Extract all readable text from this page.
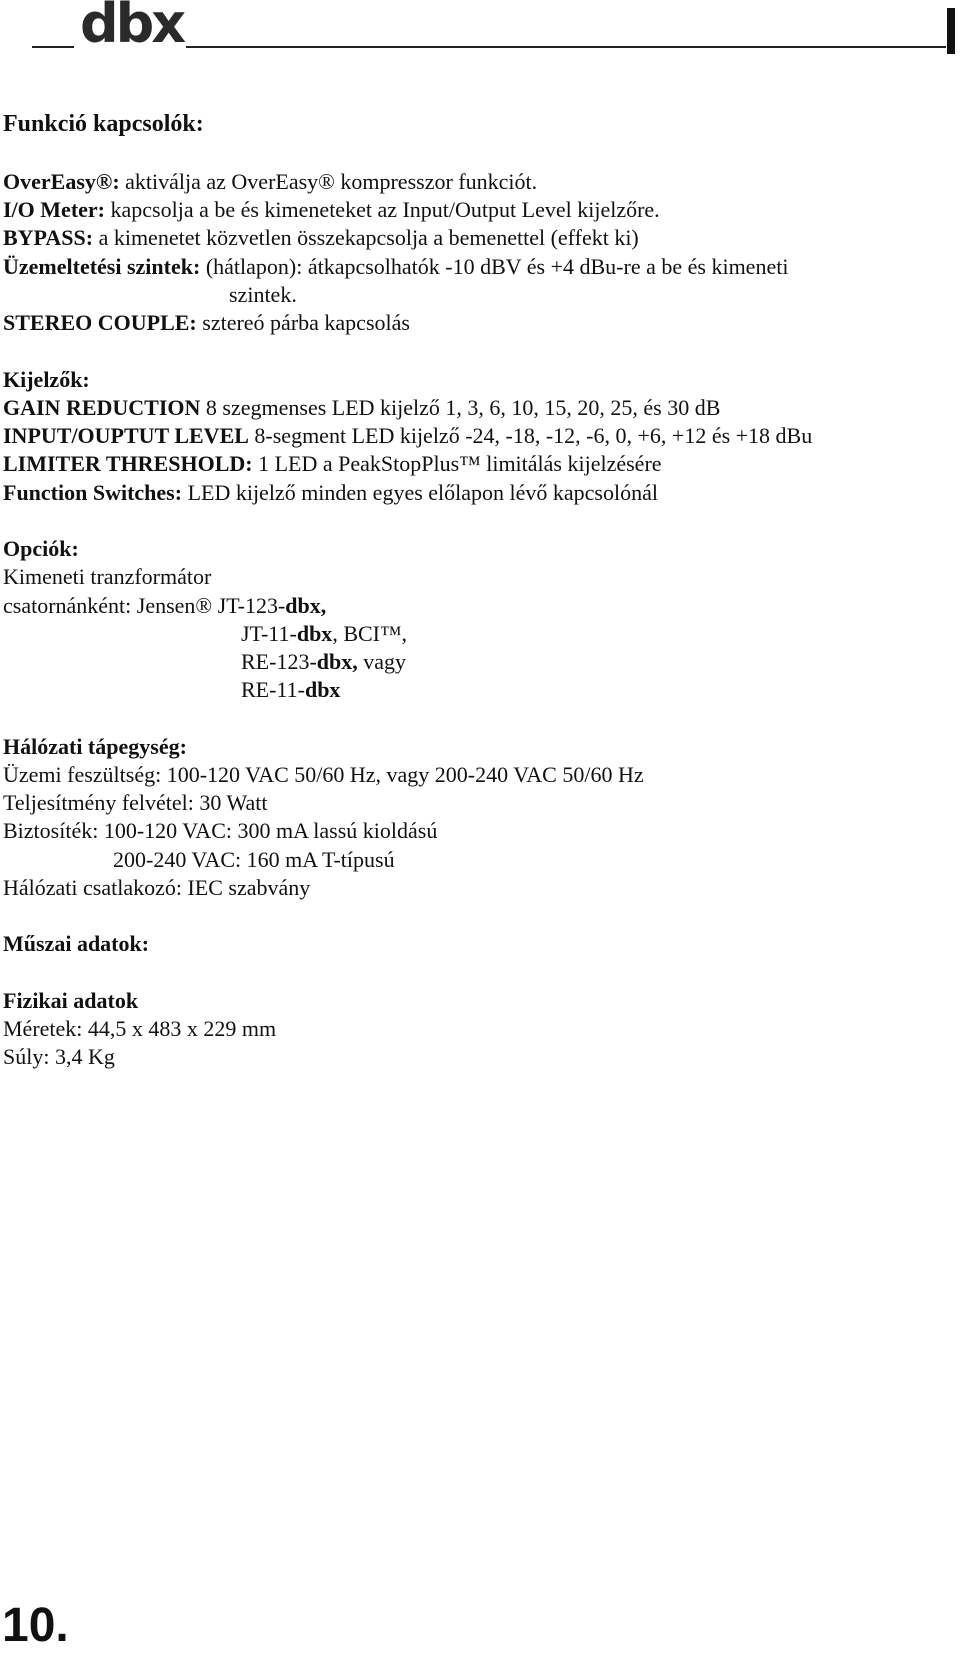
dbx
Funkció kapcsolók:
OverEasy®: aktiválja az OverEasy® kompresszor funkciót.
I/O Meter: kapcsolja a be és kimeneteket az Input/Output Level kijelzőre.
BYPASS: a kimenetet közvetlen összekapcsolja a bemenettel (effekt ki)
Üzemeltetési szintek: (hátlapon): átkapcsolhatók -10 dBV és +4 dBu-re a be és kimeneti
szintek.
STEREO COUPLE: sztereó párba kapcsolás
Kijelzők:
GAIN REDUCTION 8 szegmenses LED kijelző 1, 3, 6, 10, 15, 20, 25, és 30 dB
INPUT/OUPTUT LEVEL 8-segment LED kijelző -24, -18, -12, -6, 0, +6, +12 és +18 dBu
LIMITER THRESHOLD: 1 LED a PeakStopPlus™ limitálás kijelzésére
Function Switches: LED kijelző minden egyes előlapon lévő kapcsolónál
Opciók:
Kimeneti tranzformátor
csatornánként: Jensen® JT-123-dbx,
JT-11-dbx, BCI™,
RE-123-dbx, vagy
RE-11-dbx
Hálózati tápegység:
Üzemi feszültség: 100-120 VAC 50/60 Hz, vagy 200-240 VAC 50/60 Hz
Teljesítmény felvétel: 30 Watt
Biztosíték: 100-120 VAC: 300 mA lassú kioldású
200-240 VAC: 160 mA T-típusú
Hálózati csatlakozó: IEC szabvány
Műszai adatok:
Fizikai adatok
Méretek: 44,5 x 483 x 229 mm
Súly: 3,4 Kg
10.
